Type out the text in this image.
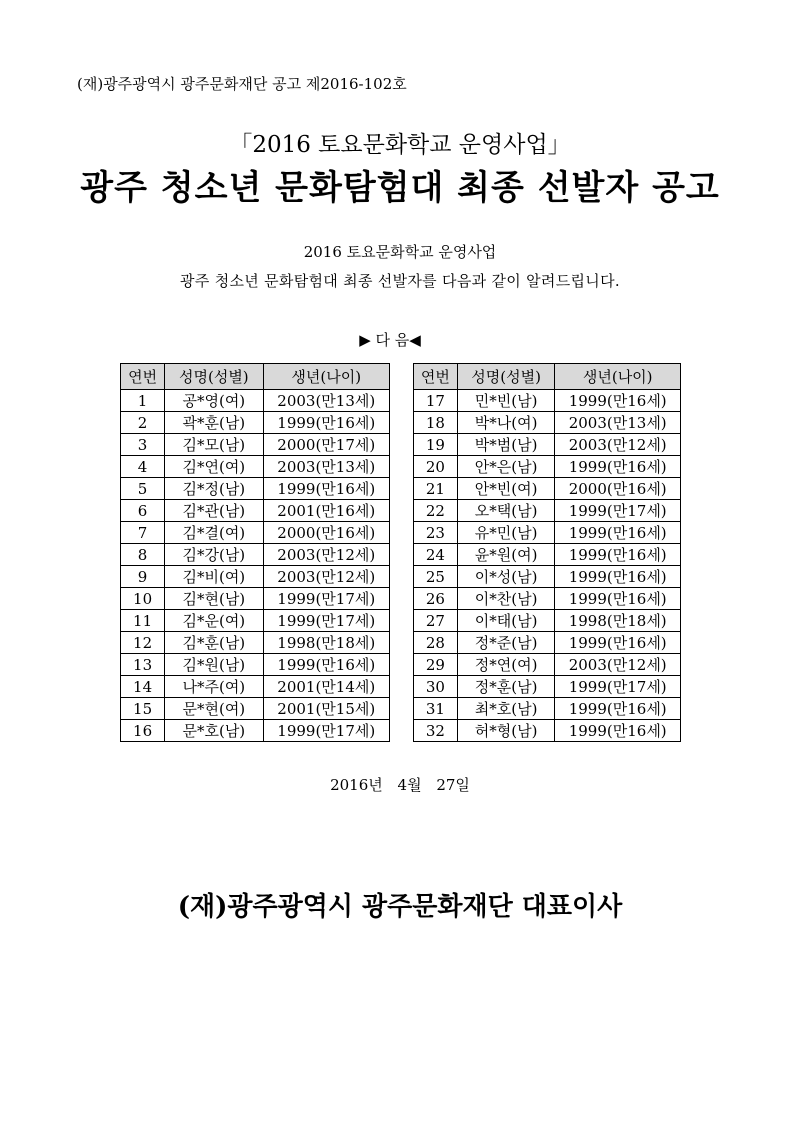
(재)광주광역시 광주문화재단 공고 제2016-102호
「2016 토요문화학교 운영사업」
광주 청소년 문화탐험대 최종 선발자 공고
2016 토요문화학교 운영사업
광주 청소년 문화탐험대 최종 선발자를 다음과 같이 알려드립니다.
▶ 다 음◀
연번	성명(성별)	생년(나이)
1	공*영(여)	2003(만13세)
2	곽*훈(남)	1999(만16세)
3	김*모(남)	2000(만17세)
4	김*연(여)	2003(만13세)
5	김*정(남)	1999(만16세)
6	김*관(남)	2001(만16세)
7	김*결(여)	2000(만16세)
8	김*강(남)	2003(만12세)
9	김*비(여)	2003(만12세)
10	김*현(남)	1999(만17세)
11	김*운(여)	1999(만17세)
12	김*훈(남)	1998(만18세)
13	김*원(남)	1999(만16세)
14	나*주(여)	2001(만14세)
15	문*현(여)	2001(만15세)
16	문*호(남)	1999(만17세)
연번	성명(성별)	생년(나이)
17	민*빈(남)	1999(만16세)
18	박*나(여)	2003(만13세)
19	박*범(남)	2003(만12세)
20	안*은(남)	1999(만16세)
21	안*빈(여)	2000(만16세)
22	오*택(남)	1999(만17세)
23	유*민(남)	1999(만16세)
24	윤*원(여)	1999(만16세)
25	이*성(남)	1999(만16세)
26	이*찬(남)	1999(만16세)
27	이*태(남)	1998(만18세)
28	정*준(남)	1999(만16세)
29	정*연(여)	2003(만12세)
30	정*훈(남)	1999(만17세)
31	최*호(남)	1999(만16세)
32	허*형(남)	1999(만16세)
2016년 4월 27일
(재)광주광역시 광주문화재단 대표이사
